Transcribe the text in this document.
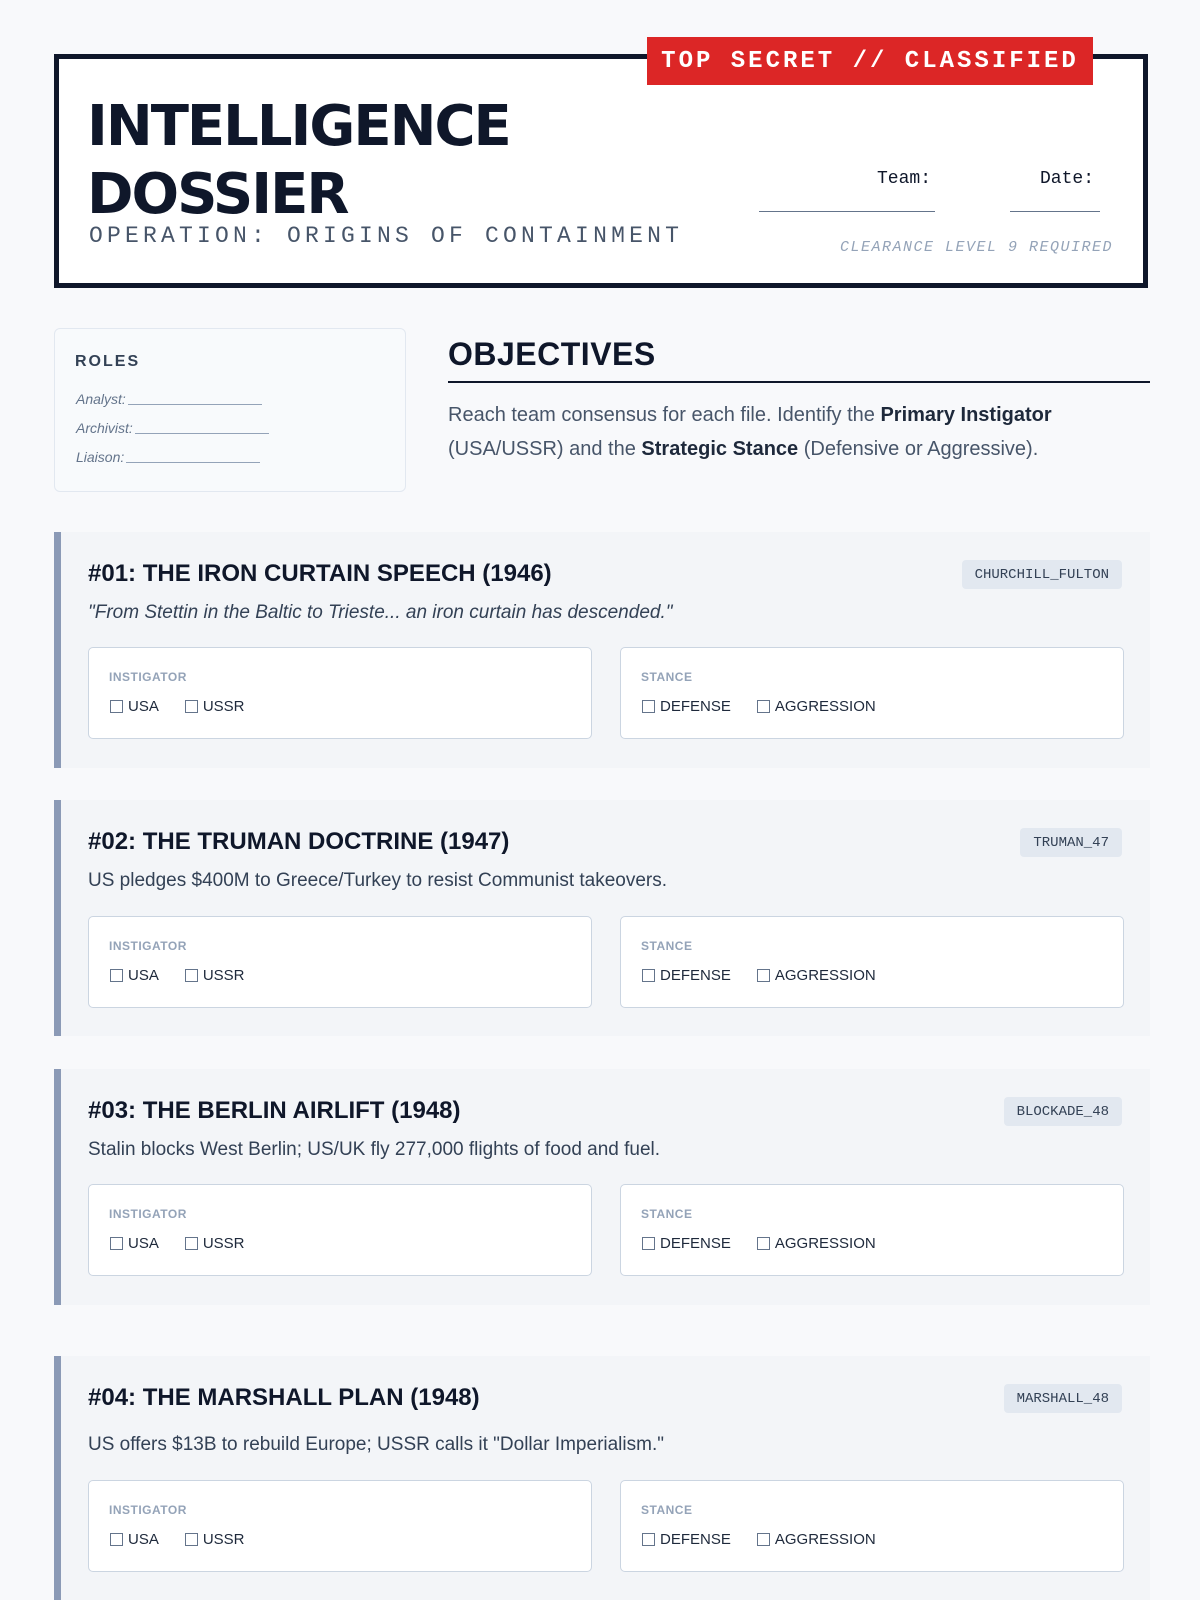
TOP SECRET // CLASSIFIED
INTELLIGENCE
DOSSIER
OPERATION: ORIGINS OF CONTAINMENT
Team:	Date:
CLEARANCE LEVEL 9 REQUIRED
ROLES
Analyst:
Archivist:
Liaison:
OBJECTIVES
Reach team consensus for each file. Identify the Primary Instigator (USA/USSR) and the Strategic Stance (Defensive or Aggressive).
#01: THE IRON CURTAIN SPEECH (1946)	CHURCHILL_FULTON
"From Stettin in the Baltic to Trieste... an iron curtain has descended."
INSTIGATOR
USA	USSR
STANCE
DEFENSE	AGGRESSION
#02: THE TRUMAN DOCTRINE (1947)	TRUMAN_47
US pledges $400M to Greece/Turkey to resist Communist takeovers.
INSTIGATOR
USA	USSR
STANCE
DEFENSE	AGGRESSION
#03: THE BERLIN AIRLIFT (1948)	BLOCKADE_48
Stalin blocks West Berlin; US/UK fly 277,000 flights of food and fuel.
INSTIGATOR
USA	USSR
STANCE
DEFENSE	AGGRESSION
#04: THE MARSHALL PLAN (1948)	MARSHALL_48
US offers $13B to rebuild Europe; USSR calls it "Dollar Imperialism."
INSTIGATOR
USA	USSR
STANCE
DEFENSE	AGGRESSION
